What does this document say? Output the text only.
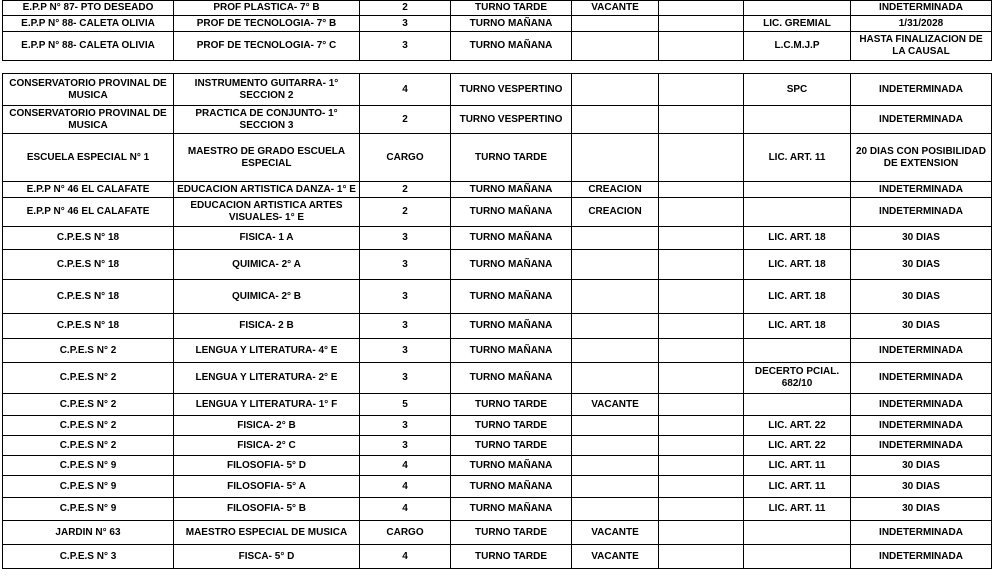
E.P.P N° 87- PTO DESEADO	PROF PLASTICA- 7° B	2	TURNO TARDE	VACANTE			INDETERMINADA
E.P.P N° 88- CALETA OLIVIA	PROF DE TECNOLOGIA- 7° B	3	TURNO MAÑANA			LIC. GREMIAL	1/31/2028
E.P.P N° 88- CALETA OLIVIA	PROF DE TECNOLOGIA- 7° C	3	TURNO MAÑANA			L.C.M.J.P	HASTA FINALIZACION DE LA CAUSAL
CONSERVATORIO PROVINAL DE MUSICA	INSTRUMENTO GUITARRA- 1° SECCION 2	4	TURNO VESPERTINO			SPC	INDETERMINADA
CONSERVATORIO PROVINAL DE MUSICA	PRACTICA DE CONJUNTO- 1° SECCION 3	2	TURNO VESPERTINO				INDETERMINADA
ESCUELA ESPECIAL N° 1	MAESTRO DE GRADO ESCUELA ESPECIAL	CARGO	TURNO TARDE			LIC. ART. 11	20 DIAS CON POSIBILIDAD DE EXTENSION
E.P.P N° 46 EL CALAFATE	EDUCACION ARTISTICA DANZA- 1° E	2	TURNO MAÑANA	CREACION			INDETERMINADA
E.P.P N° 46 EL CALAFATE	EDUCACION ARTISTICA ARTES VISUALES- 1° E	2	TURNO MAÑANA	CREACION			INDETERMINADA
C.P.E.S N° 18	FISICA- 1 A	3	TURNO MAÑANA			LIC. ART. 18	30 DIAS
C.P.E.S N° 18	QUIMICA- 2° A	3	TURNO MAÑANA			LIC. ART. 18	30 DIAS
C.P.E.S N° 18	QUIMICA- 2° B	3	TURNO MAÑANA			LIC. ART. 18	30 DIAS
C.P.E.S N° 18	FISICA- 2 B	3	TURNO MAÑANA			LIC. ART. 18	30 DIAS
C.P.E.S N° 2	LENGUA Y LITERATURA- 4° E	3	TURNO MAÑANA				INDETERMINADA
C.P.E.S N° 2	LENGUA Y LITERATURA- 2° E	3	TURNO MAÑANA			DECERTO PCIAL. 682/10	INDETERMINADA
C.P.E.S N° 2	LENGUA Y LITERATURA- 1° F	5	TURNO TARDE	VACANTE			INDETERMINADA
C.P.E.S N° 2	FISICA- 2° B	3	TURNO TARDE			LIC. ART. 22	INDETERMINADA
C.P.E.S N° 2	FISICA- 2° C	3	TURNO TARDE			LIC. ART. 22	INDETERMINADA
C.P.E.S N° 9	FILOSOFIA- 5° D	4	TURNO MAÑANA			LIC. ART. 11	30 DIAS
C.P.E.S N° 9	FILOSOFIA- 5° A	4	TURNO MAÑANA			LIC. ART. 11	30 DIAS
C.P.E.S N° 9	FILOSOFIA- 5° B	4	TURNO MAÑANA			LIC. ART. 11	30 DIAS
JARDIN N° 63	MAESTRO ESPECIAL DE MUSICA	CARGO	TURNO TARDE	VACANTE			INDETERMINADA
C.P.E.S N° 3	FISCA- 5° D	4	TURNO TARDE	VACANTE			INDETERMINADA
